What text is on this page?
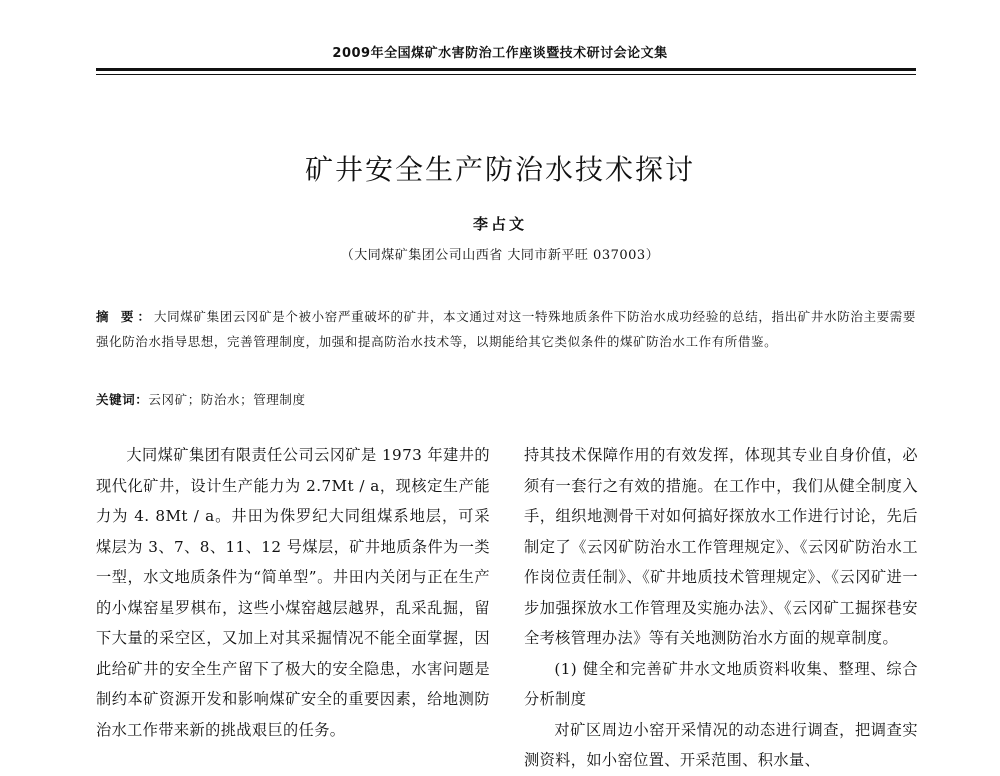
2009年全国煤矿水害防治工作座谈暨技术研讨会论文集
矿井安全生产防治水技术探讨
李占文
（大同煤矿集团公司山西省 大同市新平旺 037003）
摘 要：大同煤矿集团云冈矿是个被小窑严重破坏的矿井，本文通过对这一特殊地质条件下防治水成功经验的总结，指出矿井水防治主要需要强化防治水指导思想，完善管理制度，加强和提高防治水技术等，以期能给其它类似条件的煤矿防治水工作有所借鉴。
关键词：云冈矿；防治水；管理制度

大同煤矿集团有限责任公司云冈矿是 1973 年建井的现代化矿井，设计生产能力为 2.7Mt / a，现核定生产能力为 4. 8Mt / a。井田为侏罗纪大同组煤系地层，可采煤层为 3、7、8、11、12 号煤层，矿井地质条件为一类一型，水文地质条件为“简单型”。井田内关闭与正在生产的小煤窑星罗棋布，这些小煤窑越层越界，乱采乱掘，留下大量的采空区，又加上对其采掘情况不能全面掌握，因此给矿井的安全生产留下了极大的安全隐患，水害问题是制约本矿资源开发和影响煤矿安全的重要因素，给地测防治水工作带来新的挑战艰巨的任务。

持其技术保障作用的有效发挥，体现其专业自身价值，必须有一套行之有效的措施。在工作中，我们从健全制度入手，组织地测骨干对如何搞好探放水工作进行讨论，先后制定了《云冈矿防治水工作管理规定》、《云冈矿防治水工作岗位责任制》、《矿井地质技术管理规定》、《云冈矿进一步加强探放水工作管理及实施办法》、《云冈矿工掘探巷安全考核管理办法》等有关地测防治水方面的规章制度。

(1) 健全和完善矿井水文地质资料收集、整理、综合分析制度

对矿区周边小窑开采情况的动态进行调查，把调查实测资料，如小窑位置、开采范围、积水量、
